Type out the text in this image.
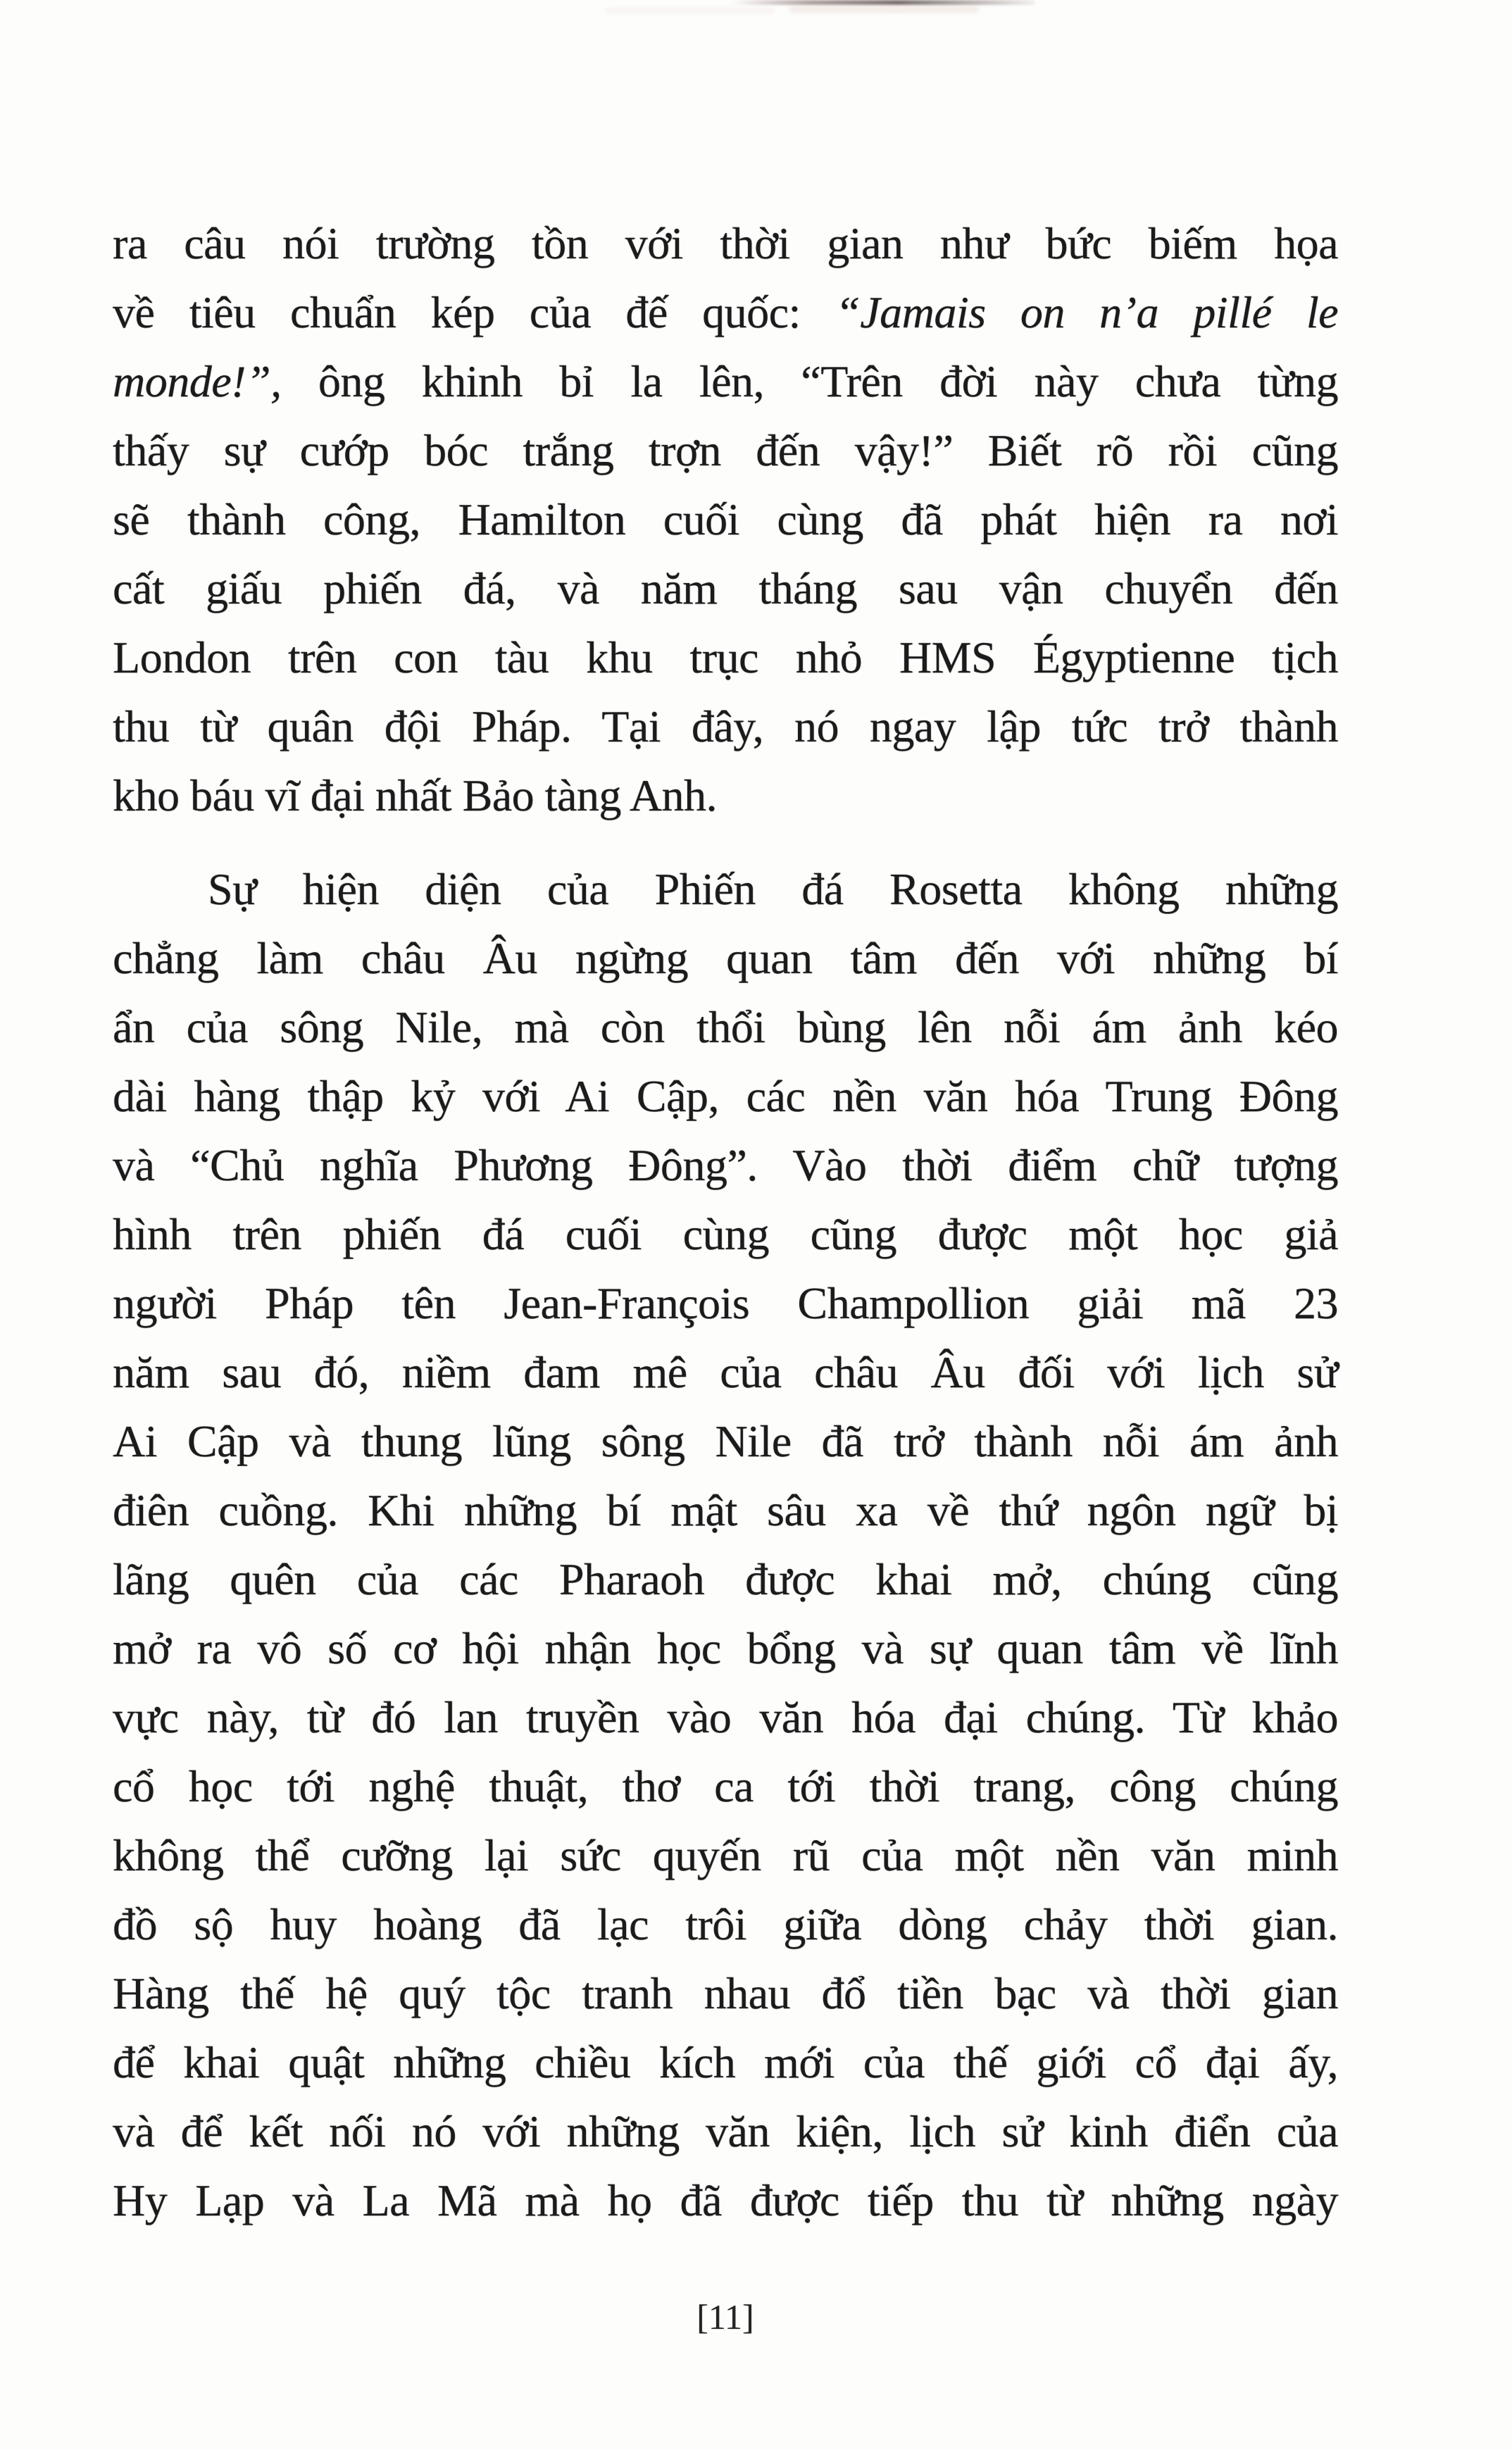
ra câu nói trường tồn với thời gian như bức biếm họa
về tiêu chuẩn kép của đế quốc: “Jamais on n’a pillé le
monde!”, ông khinh bỉ la lên, “Trên đời này chưa từng
thấy sự cướp bóc trắng trợn đến vậy!” Biết rõ rồi cũng
sẽ thành công, Hamilton cuối cùng đã phát hiện ra nơi
cất giấu phiến đá, và năm tháng sau vận chuyển đến
London trên con tàu khu trục nhỏ HMS Égyptienne tịch
thu từ quân đội Pháp. Tại đây, nó ngay lập tức trở thành
kho báu vĩ đại nhất Bảo tàng Anh.
Sự hiện diện của Phiến đá Rosetta không những
chẳng làm châu Âu ngừng quan tâm đến với những bí
ẩn của sông Nile, mà còn thổi bùng lên nỗi ám ảnh kéo
dài hàng thập kỷ với Ai Cập, các nền văn hóa Trung Đông
và “Chủ nghĩa Phương Đông”. Vào thời điểm chữ tượng
hình trên phiến đá cuối cùng cũng được một học giả
người Pháp tên Jean-François Champollion giải mã 23
năm sau đó, niềm đam mê của châu Âu đối với lịch sử
Ai Cập và thung lũng sông Nile đã trở thành nỗi ám ảnh
điên cuồng. Khi những bí mật sâu xa về thứ ngôn ngữ bị
lãng quên của các Pharaoh được khai mở, chúng cũng
mở ra vô số cơ hội nhận học bổng và sự quan tâm về lĩnh
vực này, từ đó lan truyền vào văn hóa đại chúng. Từ khảo
cổ học tới nghệ thuật, thơ ca tới thời trang, công chúng
không thể cưỡng lại sức quyến rũ của một nền văn minh
đồ sộ huy hoàng đã lạc trôi giữa dòng chảy thời gian.
Hàng thế hệ quý tộc tranh nhau đổ tiền bạc và thời gian
để khai quật những chiều kích mới của thế giới cổ đại ấy,
và để kết nối nó với những văn kiện, lịch sử kinh điển của
Hy Lạp và La Mã mà họ đã được tiếp thu từ những ngày
[11]
